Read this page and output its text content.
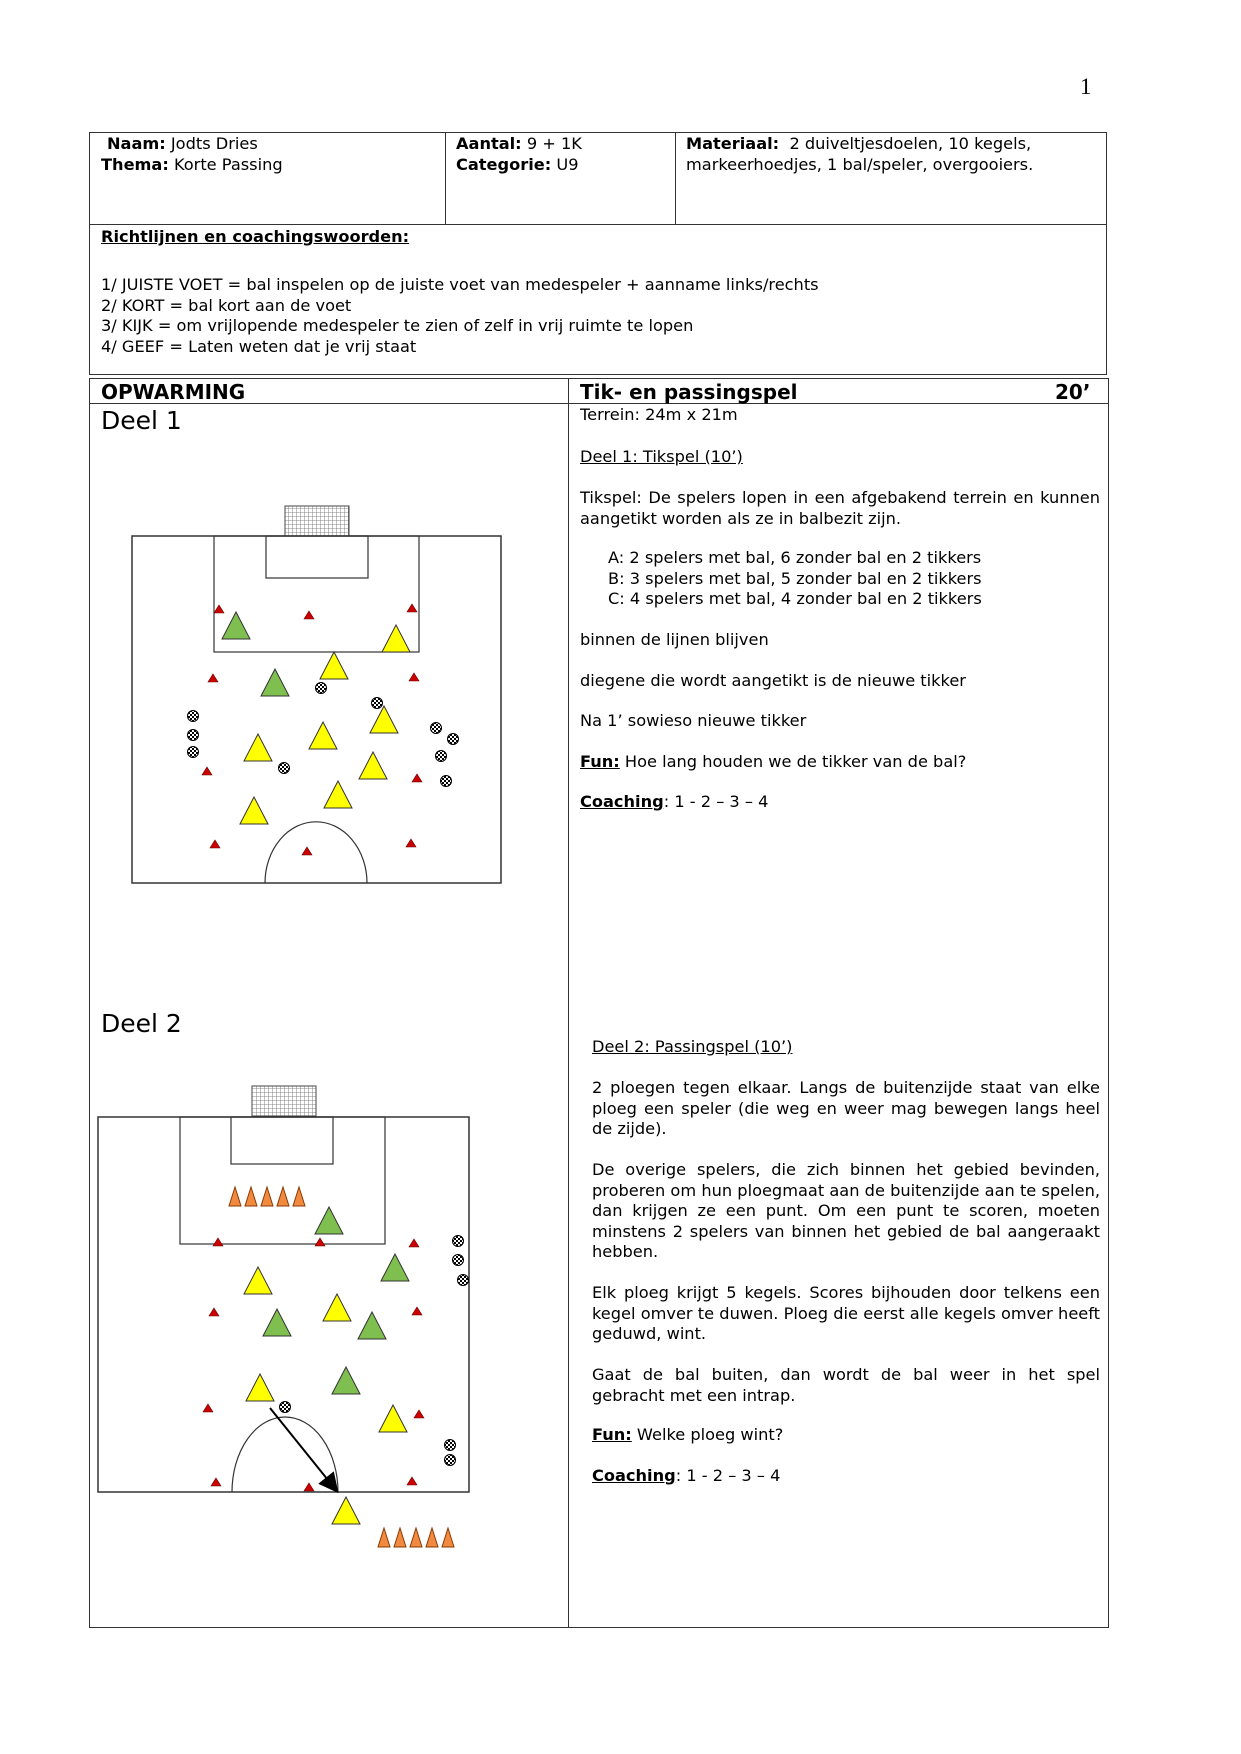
1
Naam: Jodts Dries
Thema: Korte Passing
Aantal: 9 + 1K
Categorie: U9
Materiaal: 2 duiveltjesdoelen, 10 kegels,
markeerhoedjes, 1 bal/speler, overgooiers.
Richtlijnen en coachingswoorden:
1/ JUISTE VOET = bal inspelen op de juiste voet van medespeler + aanname links/rechts
2/ KORT = bal kort aan de voet
3/ KIJK = om vrijlopende medespeler te zien of zelf in vrij ruimte te lopen
4/ GEEF = Laten weten dat je vrij staat
OPWARMING	Tik- en passingspel	20’
Deel 1
Deel 2
Terrein: 24m x 21m
Deel 1: Tikspel (10’)
Tikspel: De spelers lopen in een afgebakend terrein en kunnen aangetikt worden als ze in balbezit zijn.
A: 2 spelers met bal, 6 zonder bal en 2 tikkers
B: 3 spelers met bal, 5 zonder bal en 2 tikkers
C: 4 spelers met bal, 4 zonder bal en 2 tikkers
binnen de lijnen blijven
diegene die wordt aangetikt is de nieuwe tikker
Na 1’ sowieso nieuwe tikker
Fun: Hoe lang houden we de tikker van de bal?
Coaching: 1 - 2 – 3 – 4
Deel 2: Passingspel (10’)
2 ploegen tegen elkaar. Langs de buitenzijde staat van elke ploeg een speler (die weg en weer mag bewegen langs heel de zijde).
De overige spelers, die zich binnen het gebied bevinden, proberen om hun ploegmaat aan de buitenzijde aan te spelen, dan krijgen ze een punt. Om een punt te scoren, moeten minstens 2 spelers van binnen het gebied de bal aangeraakt hebben.
Elk ploeg krijgt 5 kegels. Scores bijhouden door telkens een kegel omver te duwen. Ploeg die eerst alle kegels omver heeft geduwd, wint.
Gaat de bal buiten, dan wordt de bal weer in het spel gebracht met een intrap.
Fun: Welke ploeg wint?
Coaching: 1 - 2 – 3 – 4
